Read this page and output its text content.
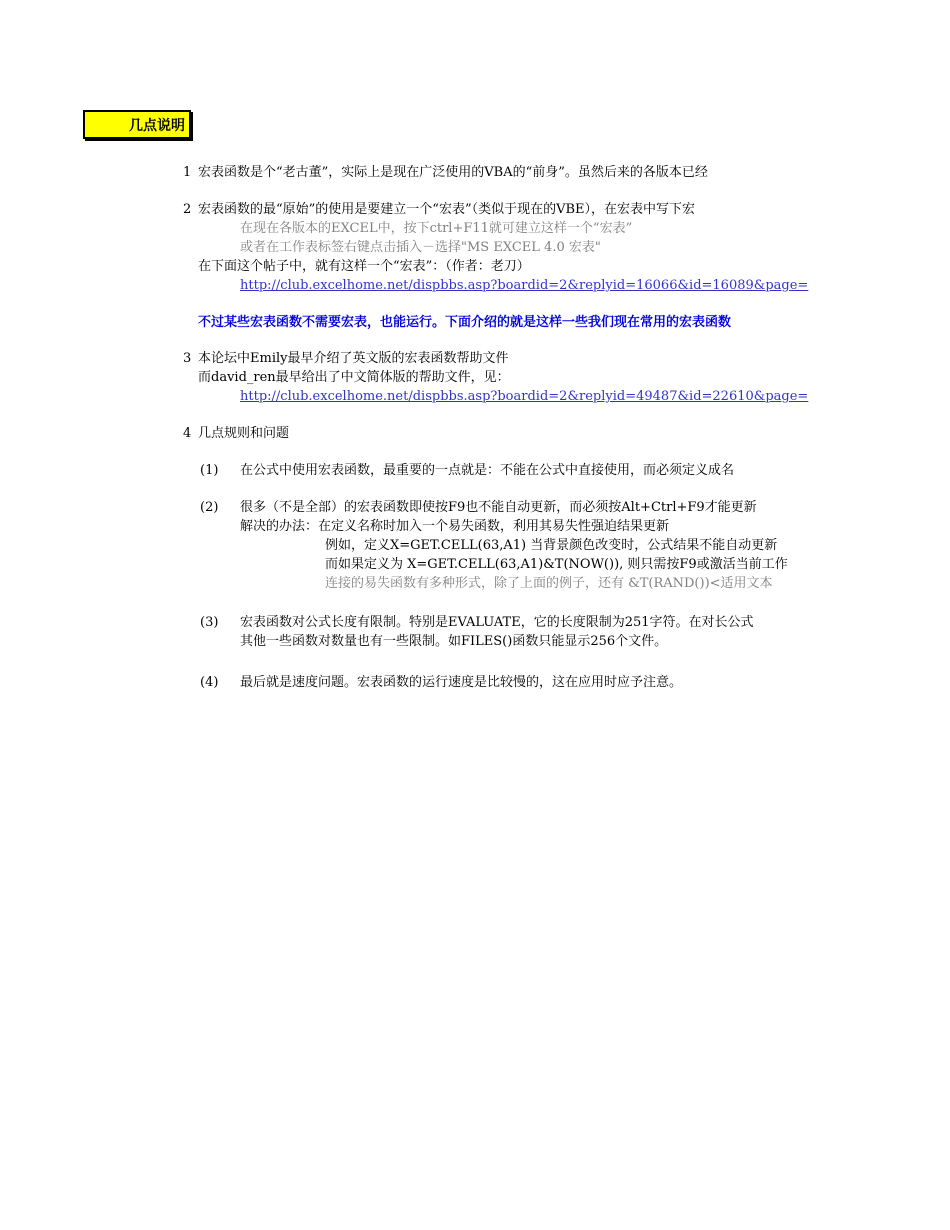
几点说明
1 宏表函数是个“老古董”，实际上是现在广泛使用的VBA的“前身”。虽然后来的各版本已经
2 宏表函数的最“原始”的使用是要建立一个“宏表”（类似于现在的VBE），在宏表中写下宏
在现在各版本的EXCEL中，按下ctrl+F11就可建立这样一个“宏表”
或者在工作表标签右键点击插入－选择"MS EXCEL 4.0 宏表"
在下面这个帖子中，就有这样一个“宏表”：（作者：老刀）
http://club.excelhome.net/dispbbs.asp?boardid=2&replyid=16066&id=16089&page=
不过某些宏表函数不需要宏表，也能运行。下面介绍的就是这样一些我们现在常用的宏表函数
3 本论坛中Emily最早介绍了英文版的宏表函数帮助文件
而david_ren最早给出了中文简体版的帮助文件，见：
http://club.excelhome.net/dispbbs.asp?boardid=2&replyid=49487&id=22610&page=
4 几点规则和问题
(1) 在公式中使用宏表函数，最重要的一点就是：不能在公式中直接使用，而必须定义成名
(2) 很多（不是全部）的宏表函数即使按F9也不能自动更新，而必须按Alt+Ctrl+F9才能更新
解决的办法：在定义名称时加入一个易失函数，利用其易失性强迫结果更新
例如，定义X=GET.CELL(63,A1) 当背景颜色改变时，公式结果不能自动更新
而如果定义为 X=GET.CELL(63,A1)&T(NOW()), 则只需按F9或激活当前工作
连接的易失函数有多种形式，除了上面的例子，还有 &T(RAND())<适用文本
(3) 宏表函数对公式长度有限制。特别是EVALUATE，它的长度限制为251字符。在对长公式
其他一些函数对数量也有一些限制。如FILES()函数只能显示256个文件。
(4) 最后就是速度问题。宏表函数的运行速度是比较慢的，这在应用时应予注意。
